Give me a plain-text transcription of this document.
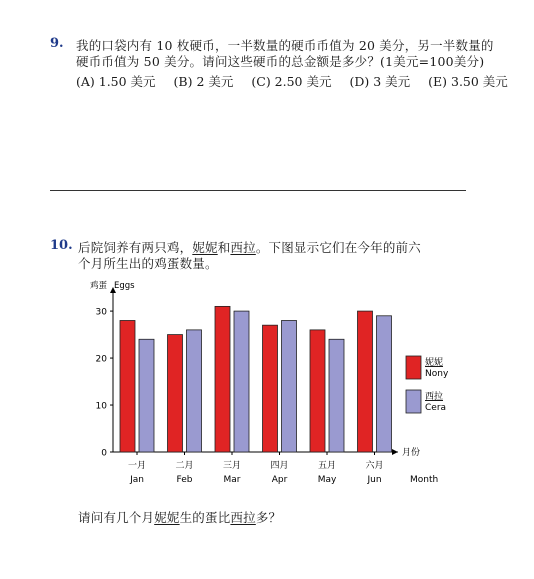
9. 我的口袋内有 10 枚硬币，一半数量的硬币币值为 20 美分，另一半数量的
硬币币值为 50 美分。请问这些硬币的总金额是多少？(1美元=100美分)
(A) 1.50 美元 (B) 2 美元 (C) 2.50 美元 (D) 3 美元 (E) 3.50 美元
10. 后院饲养有两只鸡，妮妮和西拉。下图显示它们在今年的前六
个月所生出的鸡蛋数量。
0
10
20
30
鸡蛋 Eggs
一月
Jan
二月
Feb
三月
Mar
四月
Apr
五月
May
六月
Jun
月份
Month
妮妮
Nony
西拉
Cera
请问有几个月妮妮生的蛋比西拉多？
